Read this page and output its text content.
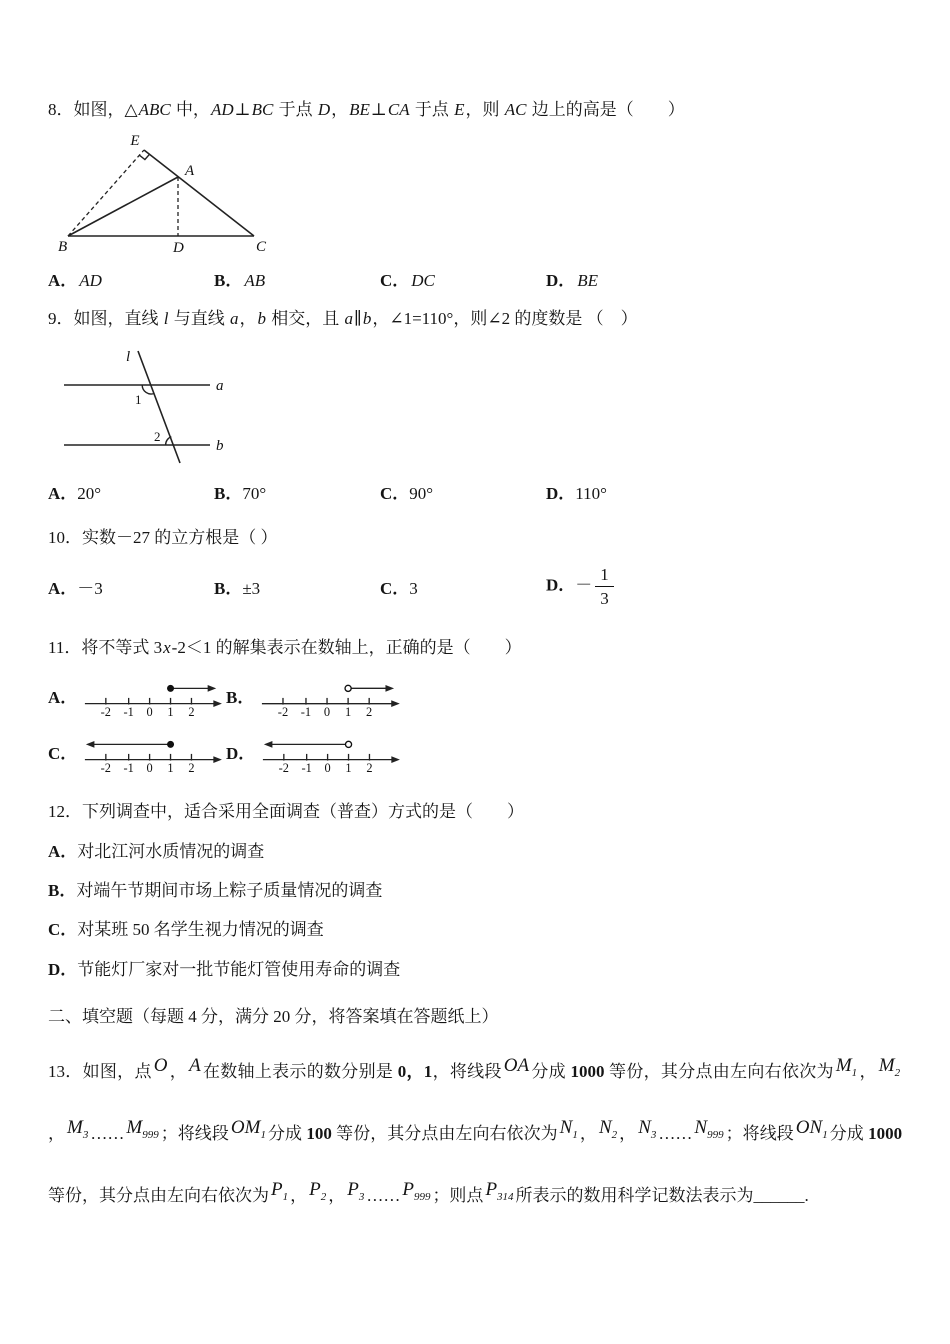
8．如图，△ABC 中，AD⊥BC 于点 D，BE⊥CA 于点 E，则 AC 边上的高是（　　）

E
A
B	D	C
A． AD	B． AB	C． DC	D． BE

9．如图，直线 l 与直线 a，b 相交，且 a∥b，∠1=110°，则∠2 的度数是 （　）

l
a
b
1
2
A．20°	B．70°	C．90°	D．110°

10．实数－27 的立方根是（ ）

A．－3	B．±3	C．3	D．－ $\frac{1}{3}$

11．将不等式 3x-2＜1 的解集表示在数轴上，正确的是（　　）

A．
-2 -1 0 1 2
B．
-2 -1 0 1 2
C．
-2 -1 0 1 2
D．
-2 -1 0 1 2

12．下列调查中，适合采用全面调查（普查）方式的是（　　）

A．对北江河水质情况的调查
B．对端午节期间市场上粽子质量情况的调查
C．对某班 50 名学生视力情况的调查
D．节能灯厂家对一批节能灯管使用寿命的调查

二、填空题（每题 4 分，满分 20 分，将答案填在答题纸上）

13．如图，点 O ， A 在数轴上表示的数分别是 0，1，将线段 OA 分成 1000 等份，其分点由左向右依次为 $M_1$ ， $M_2$， $M_3$ …… $M_{999}$ ；将线段 $OM_1$ 分成 100 等份，其分点由左向右依次为 $N_1$ ， $N_2$ ， $N_3$ …… $N_{999}$ ；将线段 $ON_1$ 分成 1000 等份，其分点由左向右依次为 $P_1$ ， $P_2$ ， $P_3$ …… $P_{999}$ ；则点 $P_{314}$ 所表示的数用科学记数法表示为______.
